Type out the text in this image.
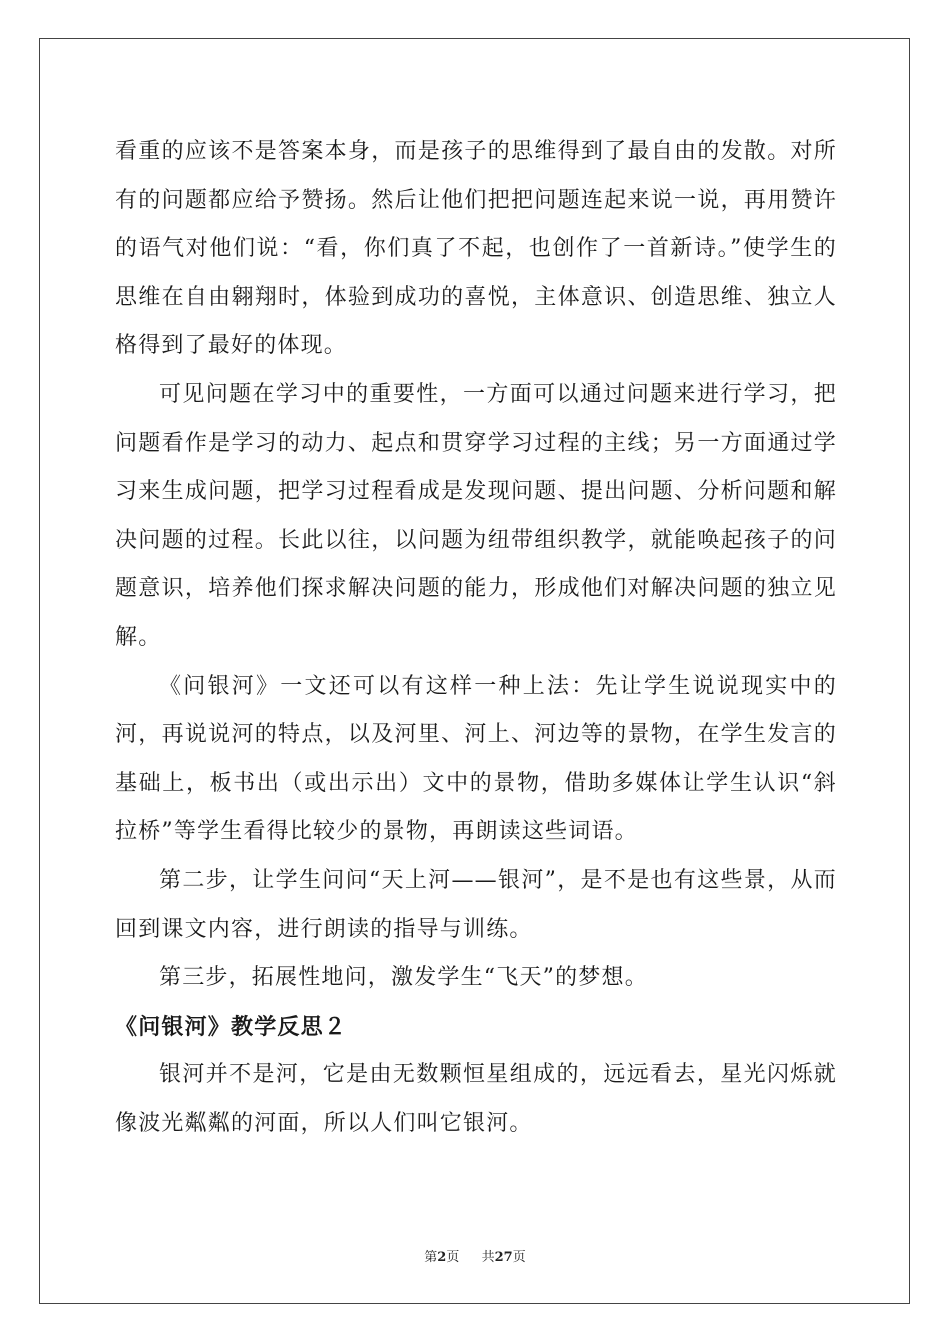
看重的应该不是答案本身，而是孩子的思维得到了最自由的发散。对所有的问题都应给予赞扬。然后让他们把把问题连起来说一说，再用赞许的语气对他们说：“看，你们真了不起，也创作了一首新诗。”使学生的思维在自由翱翔时，体验到成功的喜悦，主体意识、创造思维、独立人格得到了最好的体现。

可见问题在学习中的重要性，一方面可以通过问题来进行学习，把问题看作是学习的动力、起点和贯穿学习过程的主线；另一方面通过学习来生成问题，把学习过程看成是发现问题、提出问题、分析问题和解决问题的过程。长此以往，以问题为纽带组织教学，就能唤起孩子的问题意识，培养他们探求解决问题的能力，形成他们对解决问题的独立见解。

《问银河》一文还可以有这样一种上法：先让学生说说现实中的河，再说说河的特点，以及河里、河上、河边等的景物，在学生发言的基础上，板书出（或出示出）文中的景物，借助多媒体让学生认识“斜拉桥”等学生看得比较少的景物，再朗读这些词语。

第二步，让学生问问“天上河——银河”，是不是也有这些景，从而回到课文内容，进行朗读的指导与训练。

第三步，拓展性地问，激发学生“飞天”的梦想。

《问银河》教学反思２

银河并不是河，它是由无数颗恒星组成的，远远看去，星光闪烁就像波光粼粼的河面，所以人们叫它银河。

第2页 共27页
